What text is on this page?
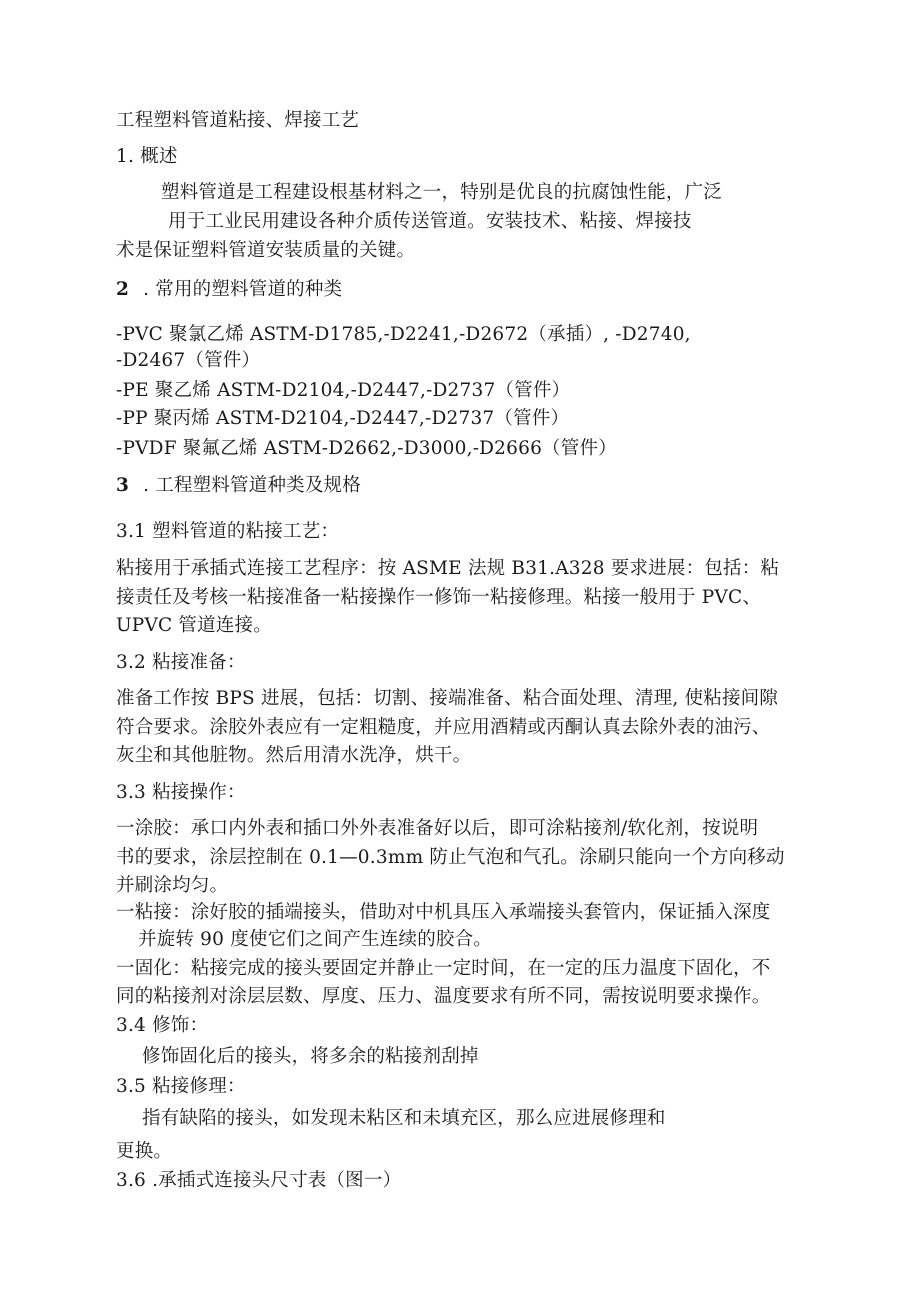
工程塑料管道粘接、焊接工艺
1. 概述
塑料管道是工程建设根基材料之一，特别是优良的抗腐蚀性能，广泛
用于工业民用建设各种介质传送管道。安装技术、粘接、焊接技
术是保证塑料管道安装质量的关键。
2 . 常用的塑料管道的种类
-PVC 聚氯乙烯 ASTM-D1785,-D2241,-D2672（承插）, -D2740,
-D2467（管件）
-PE 聚乙烯 ASTM-D2104,-D2447,-D2737（管件）
-PP 聚丙烯 ASTM-D2104,-D2447,-D2737（管件）
-PVDF 聚氟乙烯 ASTM-D2662,-D3000,-D2666（管件）
3 . 工程塑料管道种类及规格
3.1 塑料管道的粘接工艺：
粘接用于承插式连接工艺程序：按 ASME 法规 B31.A328 要求进展：包括：粘
接责任及考核一粘接准备一粘接操作一修饰一粘接修理。粘接一般用于 PVC、
UPVC 管道连接。
3.2 粘接准备：
准备工作按 BPS 进展，包括：切割、接端准备、粘合面处理、清理, 使粘接间隙
符合要求。涂胶外表应有一定粗糙度，并应用酒精或丙酮认真去除外表的油污、
灰尘和其他脏物。然后用清水洗净，烘干。
3.3 粘接操作：
一涂胶：承口内外表和插口外外表准备好以后，即可涂粘接剂/软化剂，按说明
书的要求，涂层控制在 0.1—0.3mm 防止气泡和气孔。涂刷只能向一个方向移动
并刷涂均匀。
一粘接：涂好胶的插端接头，借助对中机具压入承端接头套管内，保证插入深度
并旋转 90 度使它们之间产生连续的胶合。
一固化：粘接完成的接头要固定并静止一定时间，在一定的压力温度下固化，不
同的粘接剂对涂层层数、厚度、压力、温度要求有所不同，需按说明要求操作。
3.4 修饰：
修饰固化后的接头，将多余的粘接剂刮掉
3.5 粘接修理：
指有缺陷的接头，如发现未粘区和未填充区，那么应进展修理和
更换。
3.6 .承插式连接头尺寸表（图一）
